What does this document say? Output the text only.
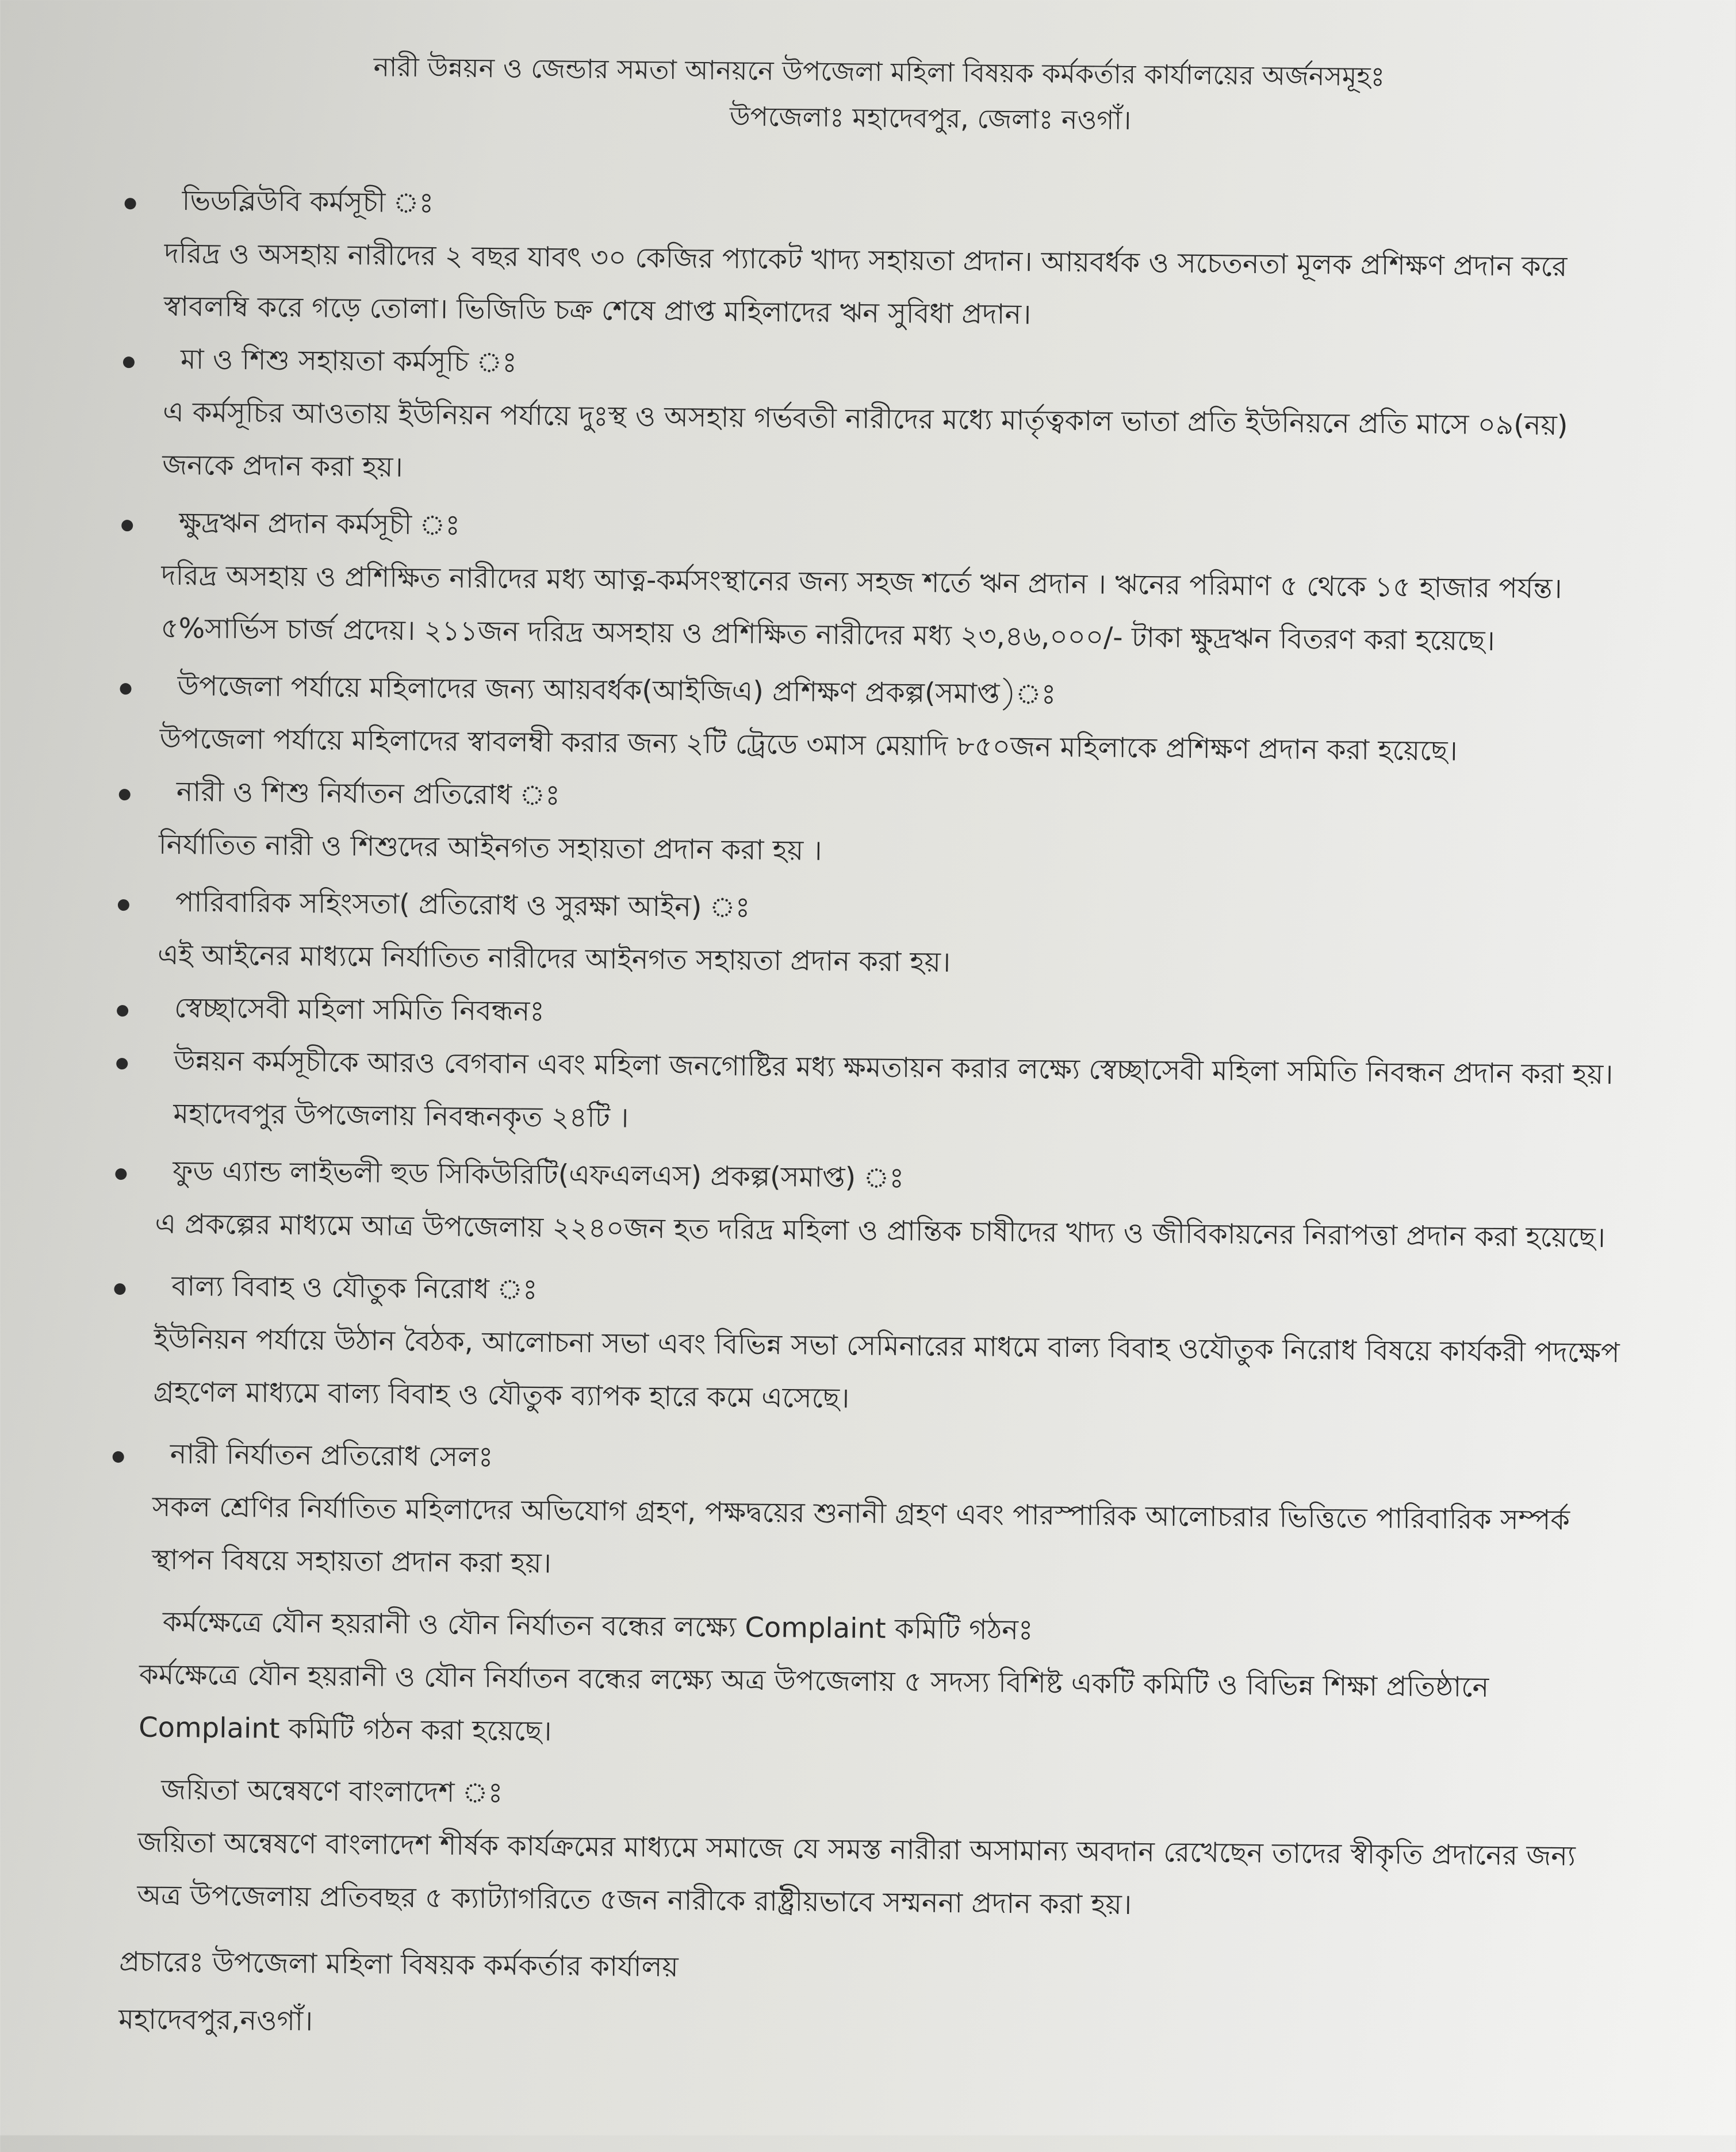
নারী উন্নয়ন ও জেন্ডার সমতা আনয়নে উপজেলা মহিলা বিষয়ক কর্মকর্তার কার্যালয়ের অর্জনসমূহঃ
উপজেলাঃ মহাদেবপুর, জেলাঃ নওগাঁ।
ভিডব্লিউবি কর্মসূচী ঃ
দরিদ্র ও অসহায় নারীদের ২ বছর যাবৎ ৩০ কেজির প্যাকেট খাদ্য সহায়তা প্রদান। আয়বর্ধক ও সচেতনতা মূলক প্রশিক্ষণ প্রদান করে স্বাবলম্বি করে গড়ে তোলা। ভিজিডি চক্র শেষে প্রাপ্ত মহিলাদের ঋন সুবিধা প্রদান।
মা ও শিশু সহায়তা কর্মসূচি ঃ
এ কর্মসূচির আওতায় ইউনিয়ন পর্যায়ে দুঃস্থ ও অসহায় গর্ভবতী নারীদের মধ্যে মার্তৃত্বকাল ভাতা প্রতি ইউনিয়নে প্রতি মাসে ০৯(নয়) জনকে প্রদান করা হয়।
ক্ষুদ্রঋন প্রদান কর্মসূচী ঃ
দরিদ্র অসহায় ও প্রশিক্ষিত নারীদের মধ্য আত্ন-কর্মসংস্থানের জন্য সহজ শর্তে ঋন প্রদান । ঋনের পরিমাণ ৫ থেকে ১৫ হাজার পর্যন্ত। ৫%সার্ভিস চার্জ প্রদেয়। ২১১জন দরিদ্র অসহায় ও প্রশিক্ষিত নারীদের মধ্য ২৩,৪৬,০০০/- টাকা ক্ষুদ্রঋন বিতরণ করা হয়েছে।
উপজেলা পর্যায়ে মহিলাদের জন্য আয়বর্ধক(আইজিএ) প্রশিক্ষণ প্রকল্প(সমাপ্ত)ঃ
উপজেলা পর্যায়ে মহিলাদের স্বাবলম্বী করার জন্য ২টি ট্রেডে ৩মাস মেয়াদি ৮৫০জন মহিলাকে প্রশিক্ষণ প্রদান করা হয়েছে।
নারী ও শিশু নির্যাতন প্রতিরোধ ঃ
নির্যাতিত নারী ও শিশুদের আইনগত সহায়তা প্রদান করা হয় ।
পারিবারিক সহিংসতা( প্রতিরোধ ও সুরক্ষা আইন) ঃ
এই আইনের মাধ্যমে নির্যাতিত নারীদের আইনগত সহায়তা প্রদান করা হয়।
স্বেচ্ছাসেবী মহিলা সমিতি নিবন্ধনঃ
উন্নয়ন কর্মসূচীকে আরও বেগবান এবং মহিলা জনগোষ্টির মধ্য ক্ষমতায়ন করার লক্ষ্যে স্বেচ্ছাসেবী মহিলা সমিতি নিবন্ধন প্রদান করা হয়। মহাদেবপুর উপজেলায় নিবন্ধনকৃত ২৪টি ।
ফুড এ্যান্ড লাইভলী হুড সিকিউরিটি(এফএলএস) প্রকল্প(সমাপ্ত) ঃ
এ প্রকল্পের মাধ্যমে আত্র উপজেলায় ২২৪০জন হত দরিদ্র মহিলা ও প্রান্তিক চাষীদের খাদ্য ও জীবিকায়নের নিরাপত্তা প্রদান করা হয়েছে।
বাল্য বিবাহ ও যৌতুক নিরোধ ঃ
ইউনিয়ন পর্যায়ে উঠান বৈঠক, আলোচনা সভা এবং বিভিন্ন সভা সেমিনারের মাধমে বাল্য বিবাহ ওযৌতুক নিরোধ বিষয়ে কার্যকরী পদক্ষেপ গ্রহণেল মাধ্যমে বাল্য বিবাহ ও যৌতুক ব্যাপক হারে কমে এসেছে।
নারী নির্যাতন প্রতিরোধ সেলঃ
সকল শ্রেণির নির্যাতিত মহিলাদের অভিযোগ গ্রহণ, পক্ষদ্বয়ের শুনানী গ্রহণ এবং পারস্পারিক আলোচরার ভিত্তিতে পারিবারিক সম্পর্ক স্থাপন বিষয়ে সহায়তা প্রদান করা হয়।
কর্মক্ষেত্রে যৌন হয়রানী ও যৌন নির্যাতন বন্ধের লক্ষ্যে Complaint কমিটি গঠনঃ
কর্মক্ষেত্রে যৌন হয়রানী ও যৌন নির্যাতন বন্ধের লক্ষ্যে অত্র উপজেলায় ৫ সদস্য বিশিষ্ট একটি কমিটি ও বিভিন্ন শিক্ষা প্রতিষ্ঠানে Complaint কমিটি গঠন করা হয়েছে।
জয়িতা অন্বেষণে বাংলাদেশ ঃ
জয়িতা অন্বেষণে বাংলাদেশ শীর্ষক কার্যক্রমের মাধ্যমে সমাজে যে সমস্ত নারীরা অসামান্য অবদান রেখেছেন তাদের স্বীকৃতি প্রদানের জন্য অত্র উপজেলায় প্রতিবছর ৫ ক্যাট্যাগরিতে ৫জন নারীকে রাষ্ট্রীয়ভাবে সম্মননা প্রদান করা হয়।
প্রচারেঃ উপজেলা মহিলা বিষয়ক কর্মকর্তার কার্যালয়
মহাদেবপুর,নওগাঁ।
